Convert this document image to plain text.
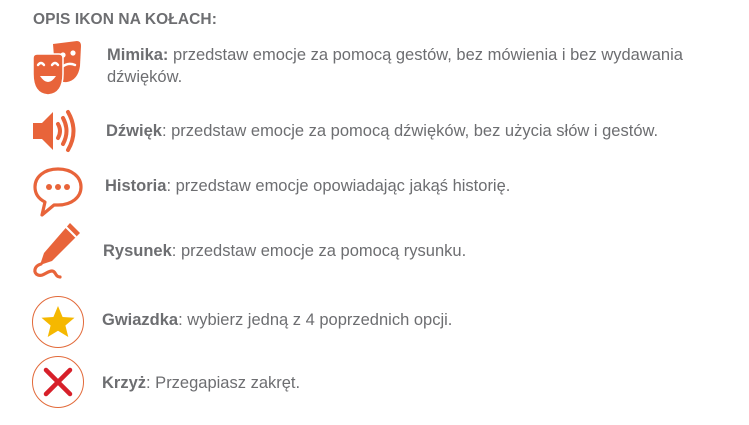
OPIS IKON NA KOŁACH:
Mimika: przedstaw emocje za pomocą gestów, bez mówienia i bez wydawania
dźwięków.
Dźwięk: przedstaw emocje za pomocą dźwięków, bez użycia słów i gestów.
Historia: przedstaw emocje opowiadając jakąś historię.
Rysunek: przedstaw emocje za pomocą rysunku.
Gwiazdka: wybierz jedną z 4 poprzednich opcji.
Krzyż: Przegapiasz zakręt.
